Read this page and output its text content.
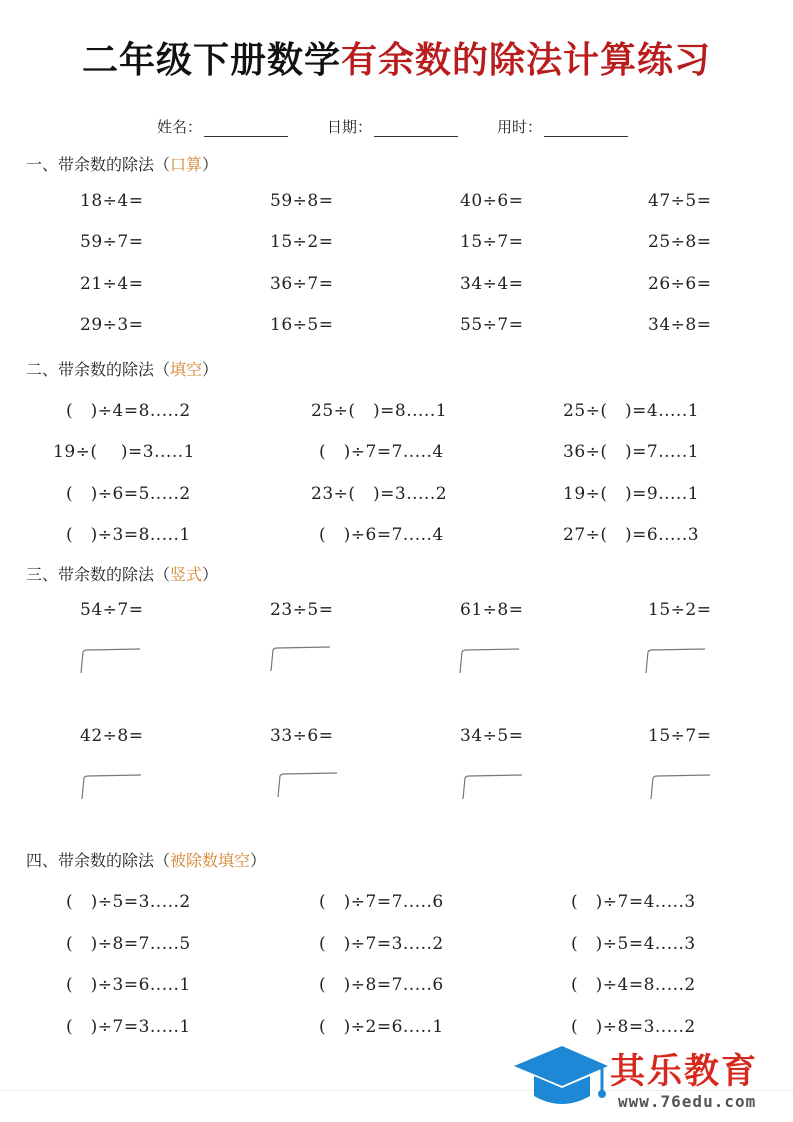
二年级下册数学有余数的除法计算练习
姓名：	日期：	用时：
一、带余数的除法（口算）
18÷4=	59÷8=	40÷6=	47÷5=
59÷7=	15÷2=	15÷7=	25÷8=
21÷4=	36÷7=	34÷4=	26÷6=
29÷3=	16÷5=	55÷7=	34÷8=
二、带余数的除法（填空）
(　)÷4=8.....2	25÷(　)=8.....1	25÷(　)=4.....1
19÷(　 )=3.....1	(　)÷7=7.....4	36÷(　)=7.....1
(　)÷6=5.....2	23÷(　)=3.....2	19÷(　)=9.....1
(　)÷3=8.....1	(　)÷6=7.....4	27÷(　)=6.....3
三、带余数的除法（竖式）
54÷7=	23÷5=	61÷8=	15÷2=
42÷8=	33÷6=	34÷5=	15÷7=
四、带余数的除法（被除数填空）
(　)÷5=3.....2	(　)÷7=7.....6	(　)÷7=4.....3
(　)÷8=7.....5	(　)÷7=3.....2	(　)÷5=4.....3
(　)÷3=6.....1	(　)÷8=7.....6	(　)÷4=8.....2
(　)÷7=3.....1	(　)÷2=6.....1	(　)÷8=3.....2
其乐教育
www.76edu.com
